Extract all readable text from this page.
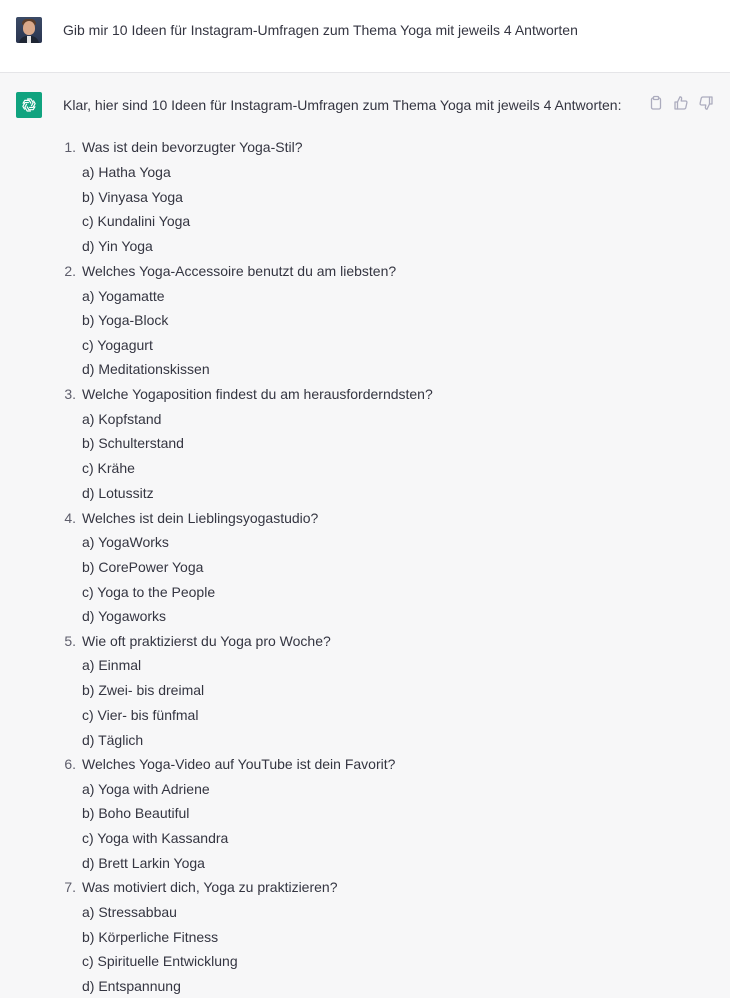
Gib mir 10 Ideen für Instagram-Umfragen zum Thema Yoga mit jeweils 4 Antworten
Klar, hier sind 10 Ideen für Instagram-Umfragen zum Thema Yoga mit jeweils 4 Antworten:
1. Was ist dein bevorzugter Yoga-Stil?
a) Hatha Yoga
b) Vinyasa Yoga
c) Kundalini Yoga
d) Yin Yoga
2. Welches Yoga-Accessoire benutzt du am liebsten?
a) Yogamatte
b) Yoga-Block
c) Yogagurt
d) Meditationskissen
3. Welche Yogaposition findest du am herausforderndsten?
a) Kopfstand
b) Schulterstand
c) Krähe
d) Lotussitz
4. Welches ist dein Lieblingsyogastudio?
a) YogaWorks
b) CorePower Yoga
c) Yoga to the People
d) Yogaworks
5. Wie oft praktizierst du Yoga pro Woche?
a) Einmal
b) Zwei- bis dreimal
c) Vier- bis fünfmal
d) Täglich
6. Welches Yoga-Video auf YouTube ist dein Favorit?
a) Yoga with Adriene
b) Boho Beautiful
c) Yoga with Kassandra
d) Brett Larkin Yoga
7. Was motiviert dich, Yoga zu praktizieren?
a) Stressabbau
b) Körperliche Fitness
c) Spirituelle Entwicklung
d) Entspannung
